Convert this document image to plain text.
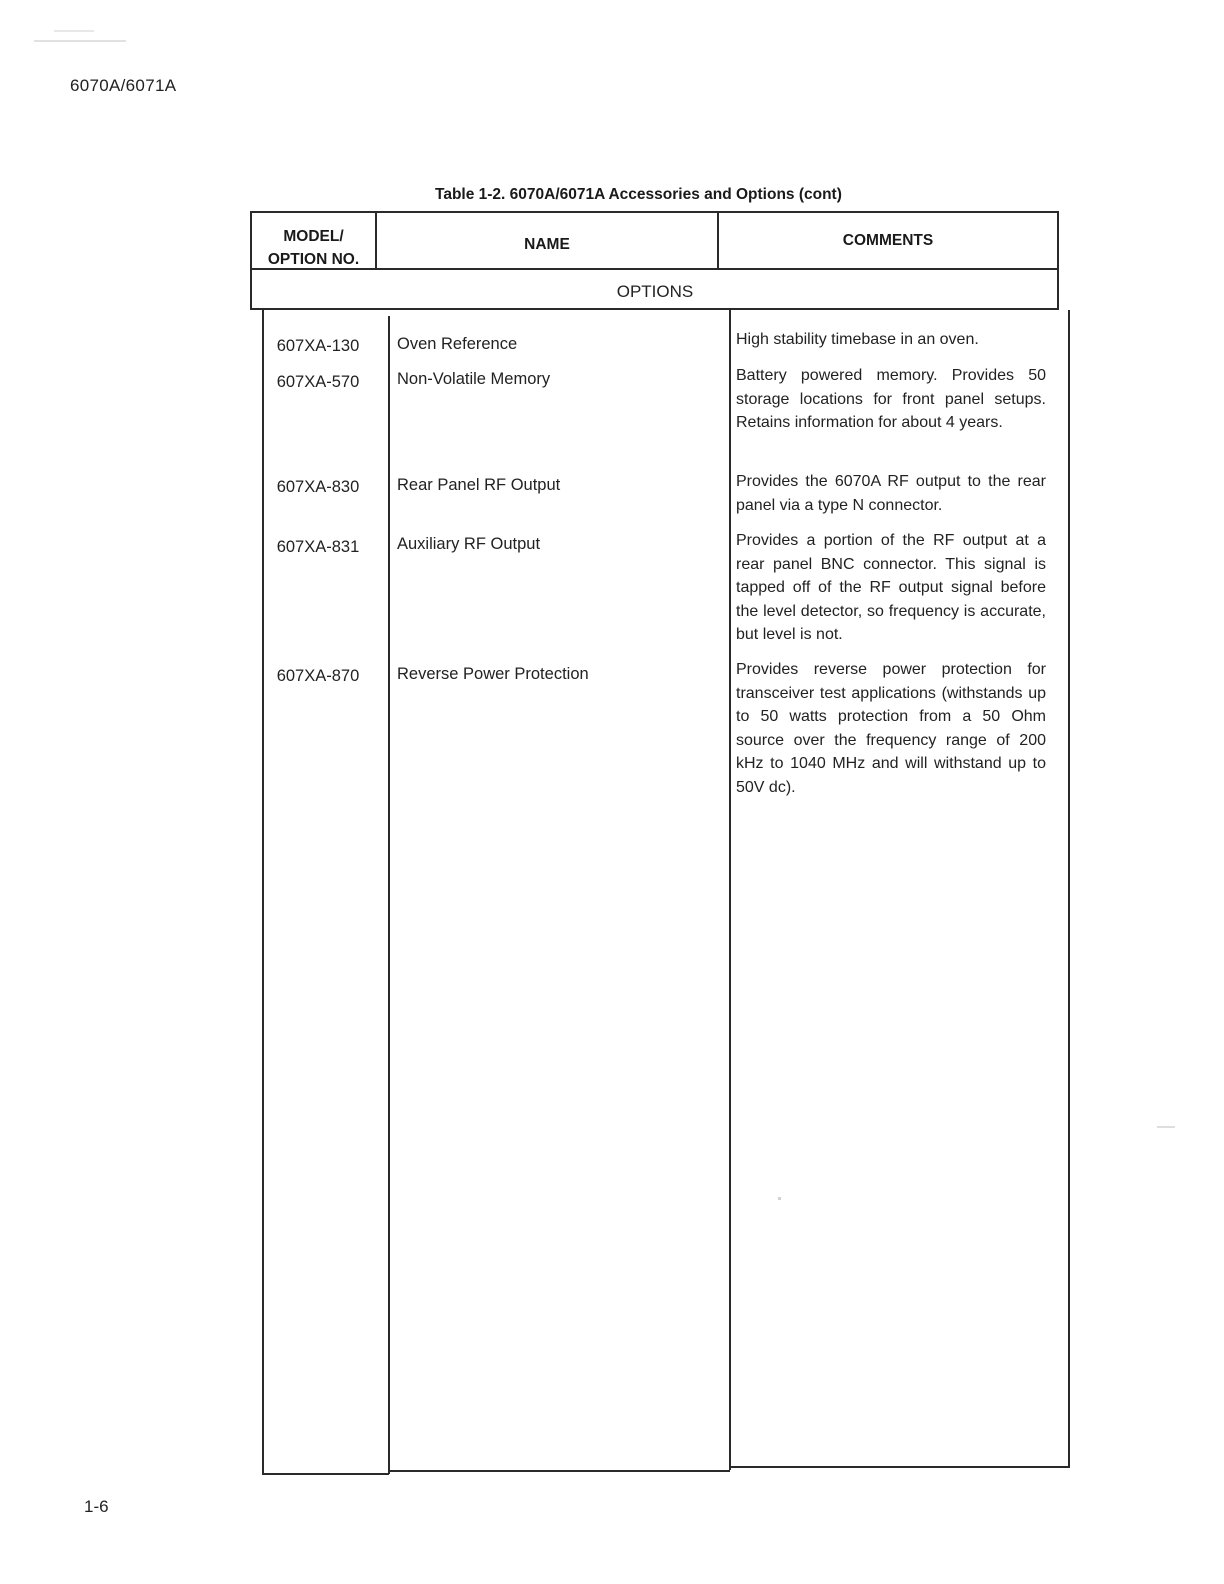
6070A/6071A
Table 1-2. 6070A/6071A Accessories and Options (cont)
MODEL/
OPTION NO.
NAME	COMMENTS
OPTIONS
607XA-130	Oven Reference	High stability timebase in an oven.
607XA-570	Non-Volatile Memory	Battery powered memory. Provides 50 storage locations for front panel setups. Retains information for about 4 years.
607XA-830	Rear Panel RF Output	Provides the 6070A RF output to the rear panel via a type N connector.
607XA-831	Auxiliary RF Output	Provides a portion of the RF output at a rear panel BNC connector. This signal is tapped off of the RF output signal before the level detector, so frequency is accurate, but level is not.
607XA-870	Reverse Power Protection	Provides reverse power protection for transceiver test applications (withstands up to 50 watts protection from a 50 Ohm source over the frequency range of 200 kHz to 1040 MHz and will withstand up to 50V dc).
1-6
